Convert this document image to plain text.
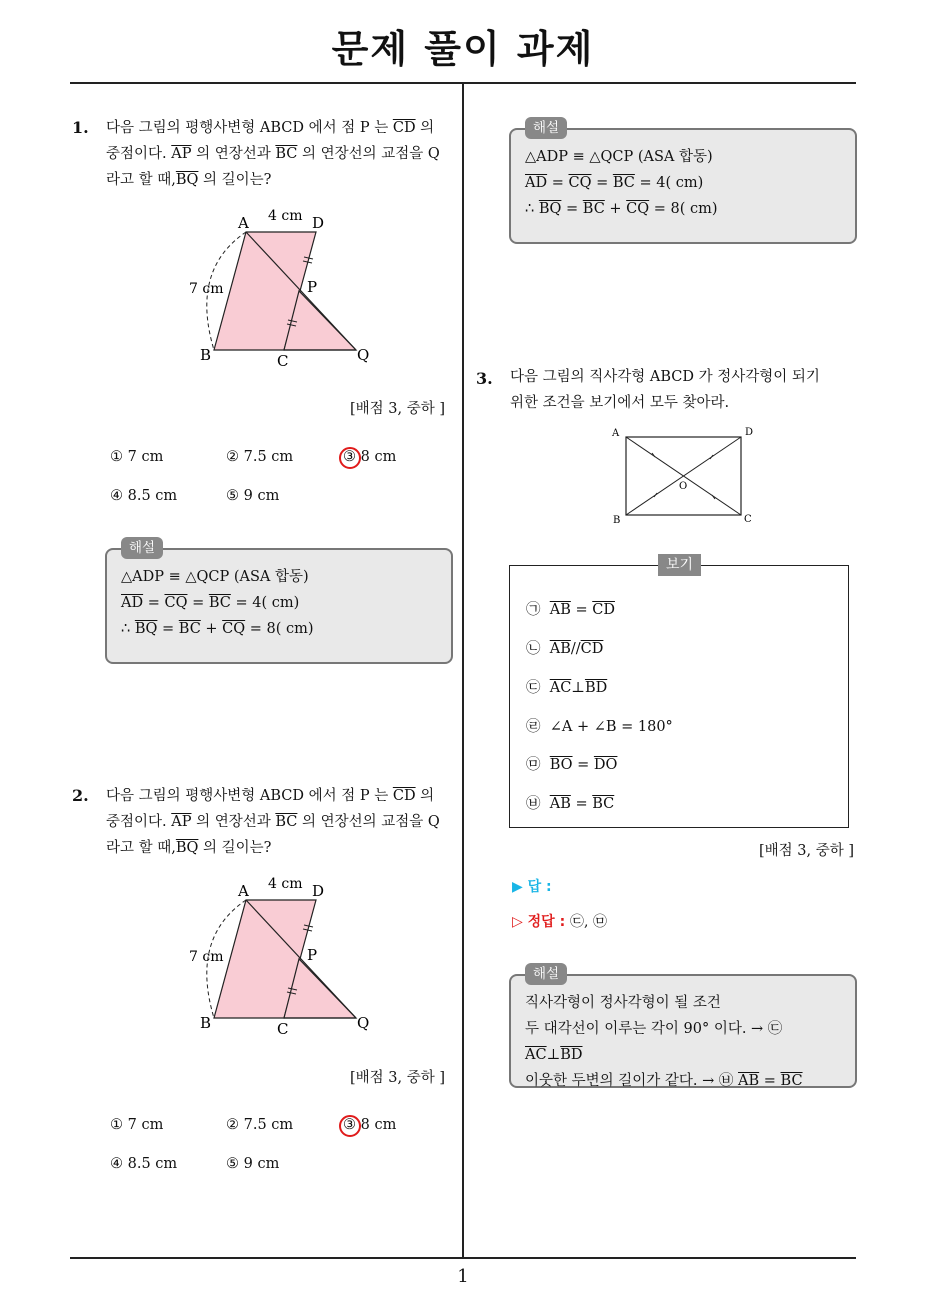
문제 풀이 과제
1
1. 다음 그림의 평행사변형 ABCD 에서 점 P 는 $\overline{CD}$ 의
중점이다. $\overline{AP}$ 의 연장선과 $\overline{BC}$ 의 연장선의 교점을 Q
라고 할 때$,\overline{BQ}$ 의 길이는?
A	D
B	C
P
Q
4 cm
7 cm
[배점 3, 중하 ]
① 7 cm	② 7.5 cm	③ 8 cm
④ 8.5 cm	⑤ 9 cm
해설
△ADP ≡ △QCP (ASA 합동)
$\overline{AD} = \overline{CQ} = \overline{BC} = 4$( cm)
∴ $\overline{BQ} = \overline{BC} + \overline{CQ} = 8$( cm)
2. 다음 그림의 평행사변형 ABCD 에서 점 P 는 $\overline{CD}$ 의
중점이다. $\overline{AP}$ 의 연장선과 $\overline{BC}$ 의 연장선의 교점을 Q
라고 할 때$,\overline{BQ}$ 의 길이는?
A	D
B	C
P
Q
4 cm
7 cm
[배점 3, 중하 ]
① 7 cm	② 7.5 cm	③ 8 cm
④ 8.5 cm	⑤ 9 cm
해설
△ADP ≡ △QCP (ASA 합동)
$\overline{AD} = \overline{CQ} = \overline{BC} = 4$( cm)
∴ $\overline{BQ} = \overline{BC} + \overline{CQ} = 8$( cm)
3. 다음 그림의 직사각형 ABCD 가 정사각형이 되기
위한 조건을 보기에서 모두 찾아라.
A	D
B	C
O
보기
㉠ $\overline{AB} = \overline{CD}$
㉡ $\overline{AB}//\overline{CD}$
㉢ $\overline{AC}\perp\overline{BD}$
㉣ ∠A + ∠B = 180°
㉤ $\overline{BO} = \overline{DO}$
㉥ $\overline{AB} = \overline{BC}$
[배점 3, 중하 ]
▶ 답 :
▷ 정답 : ㉢, ㉤
해설
직사각형이 정사각형이 될 조건
두 대각선이 이루는 각이 90° 이다. → ㉢ $\overline{AC}\perp\overline{BD}$
이웃한 두변의 길이가 같다. → ㉥ $\overline{AB} = \overline{BC}$
